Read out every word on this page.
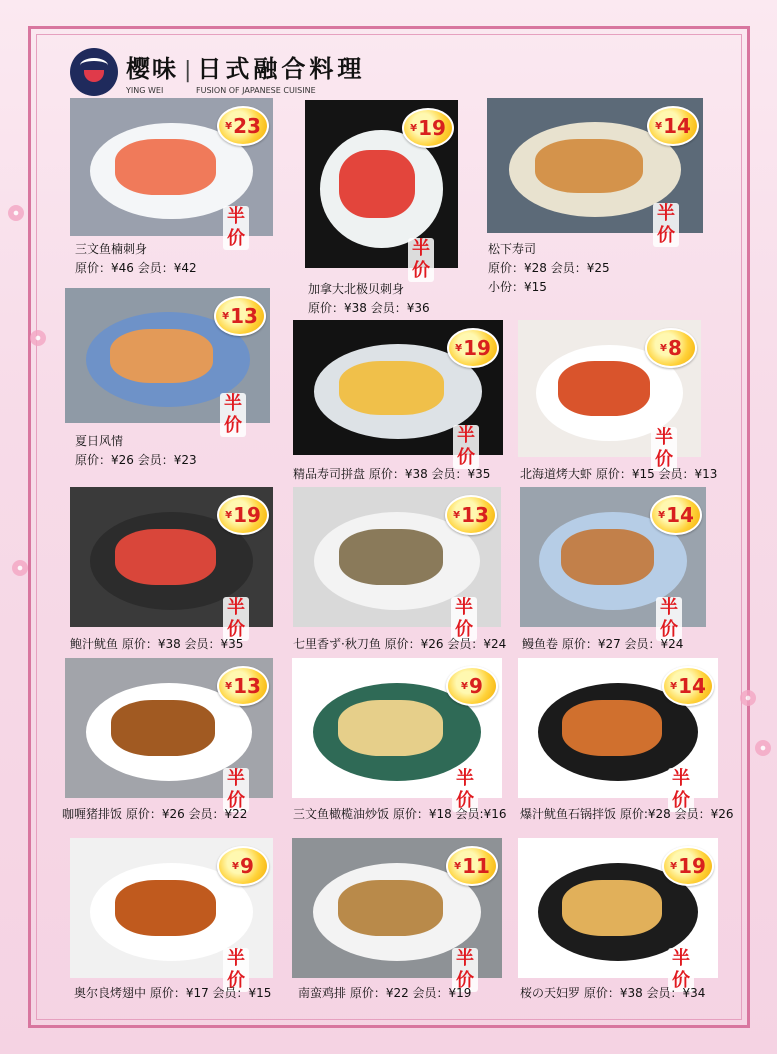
樱味 | 日式融合料理
YING WEI	FUSION OF JAPANESE CUISINE
¥ 23
半价
三文鱼楠刺身
原价：¥46 会员：¥42
¥ 19
半价
加拿大北极贝刺身
原价：¥38 会员：¥36
¥ 14
半价
松下寿司
原价：¥28 会员：¥25
小份：¥15
¥ 13
半价
夏日风情
原价：¥26 会员：¥23
¥ 19
半价
精品寿司拼盘 原价：¥38 会员：¥35
¥ 8
半价
北海道烤大虾 原价：¥15 会员：¥13
¥ 19
半价
鲍汁鱿鱼 原价：¥38 会员：¥35
¥ 13
半价
七里香ず·秋刀鱼 原价：¥26 会员：¥24
¥ 14
半价
鳗鱼卷 原价：¥27 会员：¥24
¥ 13
半价
咖喱猪排饭 原价：¥26 会员：¥22
¥ 9
半价
三文鱼橄榄油炒饭 原价：¥18 会员:¥16
¥ 14
半价
爆汁鱿鱼石锅拌饭 原价:¥28 会员：¥26
¥ 9
半价
奥尔良烤翅中 原价：¥17 会员：¥15
¥ 11
半价
南蛮鸡排 原价：¥22 会员：¥19
¥ 19
半价
桜の天妇罗 原价：¥38 会员：¥34
